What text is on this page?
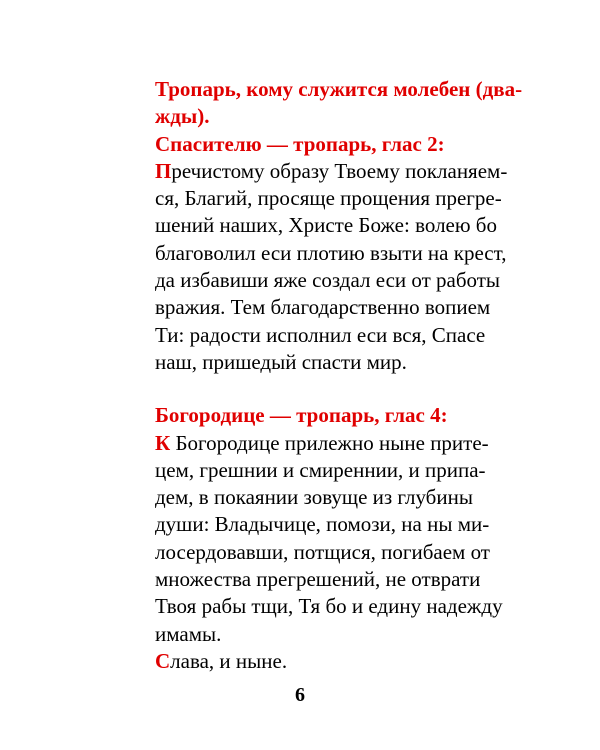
Тропарь, кому служится молебен (два-
жды).
Спасителю — тропарь, глас 2:
Пречистому образу Твоему покланяем-
ся, Благий, просяще прощения прегре-
шений наших, Христе Боже: волею бо
благоволил еси плотию взыти на крест,
да избавиши яже создал еси от работы
вражия. Тем благодарственно вопием
Ти: радости исполнил еси вся, Спасе
наш, пришедый спасти мир.
Богородице — тропарь, глас 4:
К Богородице прилежно ныне прите-
цем, грешнии и смиреннии, и припа-
дем, в покаянии зовуще из глубины
души: Владычице, помози, на ны ми-
лосердовавши, потщися, погибаем от
множества прегрешений, не отврати
Твоя рабы тщи, Тя бо и едину надежду
имамы.
Слава, и ныне.
6
